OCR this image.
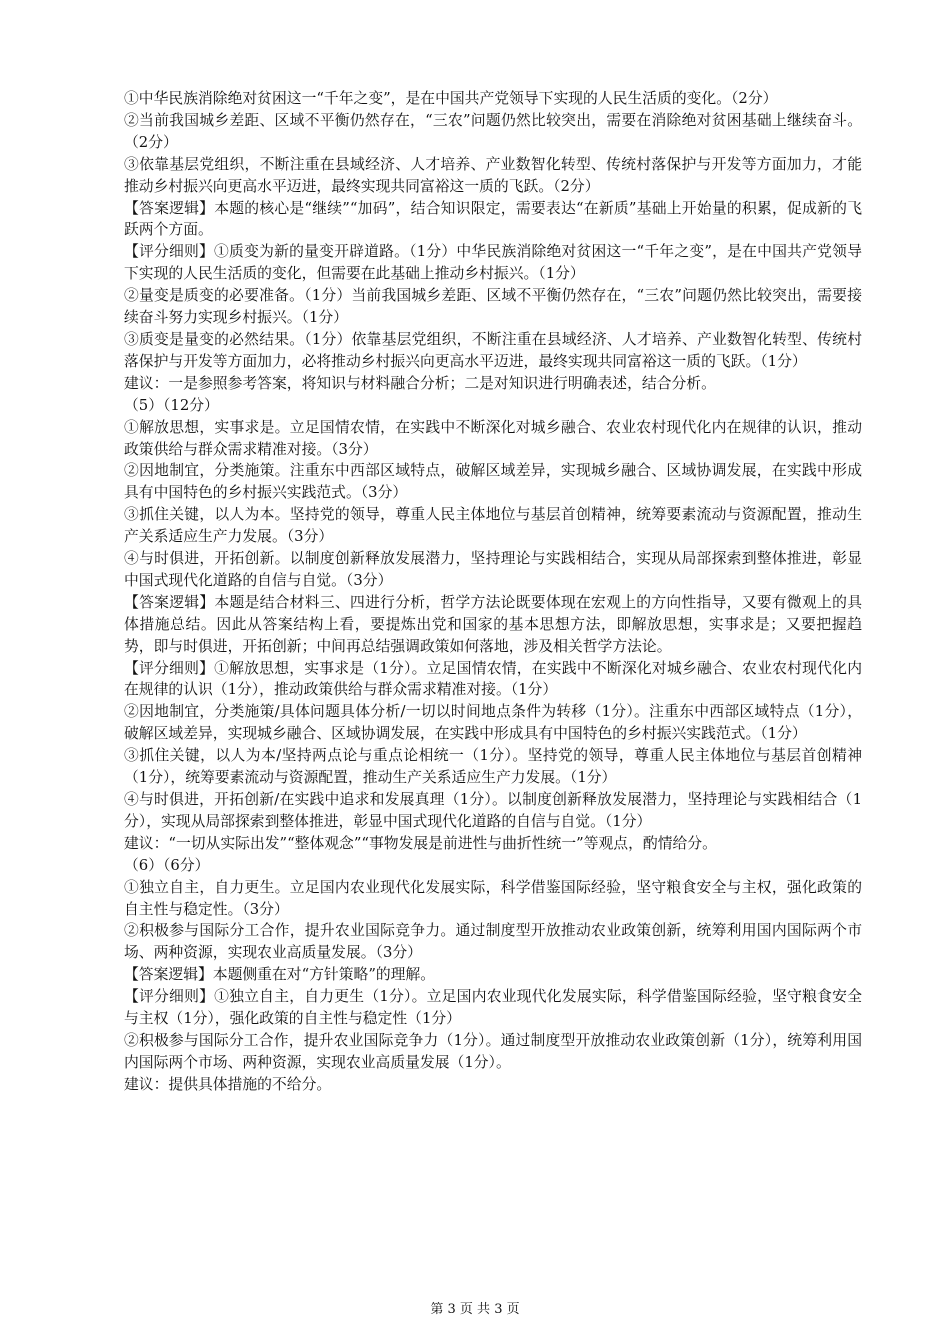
①中华民族消除绝对贫困这一“千年之变”，是在中国共产党领导下实现的人民生活质的变化。（2分）

②当前我国城乡差距、区域不平衡仍然存在，“三农”问题仍然比较突出，需要在消除绝对贫困基础上继续奋斗。（2分）

③依靠基层党组织，不断注重在县域经济、人才培养、产业数智化转型、传统村落保护与开发等方面加力，才能推动乡村振兴向更高水平迈进，最终实现共同富裕这一质的飞跃。（2分）

【答案逻辑】本题的核心是“继续”“加码”，结合知识限定，需要表达“在新质”基础上开始量的积累，促成新的飞跃两个方面。

【评分细则】①质变为新的量变开辟道路。（1分）中华民族消除绝对贫困这一“千年之变”，是在中国共产党领导下实现的人民生活质的变化，但需要在此基础上推动乡村振兴。（1分）

②量变是质变的必要准备。（1分）当前我国城乡差距、区域不平衡仍然存在，“三农”问题仍然比较突出，需要接续奋斗努力实现乡村振兴。（1分）

③质变是量变的必然结果。（1分）依靠基层党组织，不断注重在县域经济、人才培养、产业数智化转型、传统村落保护与开发等方面加力，必将推动乡村振兴向更高水平迈进，最终实现共同富裕这一质的飞跃。（1分）

建议：一是参照参考答案，将知识与材料融合分析；二是对知识进行明确表述，结合分析。

（5）（12分）

①解放思想，实事求是。立足国情农情，在实践中不断深化对城乡融合、农业农村现代化内在规律的认识，推动政策供给与群众需求精准对接。（3分）

②因地制宜，分类施策。注重东中西部区域特点，破解区域差异，实现城乡融合、区域协调发展，在实践中形成具有中国特色的乡村振兴实践范式。（3分）

③抓住关键，以人为本。坚持党的领导，尊重人民主体地位与基层首创精神，统筹要素流动与资源配置，推动生产关系适应生产力发展。（3分）

④与时俱进，开拓创新。以制度创新释放发展潜力，坚持理论与实践相结合，实现从局部探索到整体推进，彰显中国式现代化道路的自信与自觉。（3分）

【答案逻辑】本题是结合材料三、四进行分析，哲学方法论既要体现在宏观上的方向性指导，又要有微观上的具体措施总结。因此从答案结构上看，要提炼出党和国家的基本思想方法，即解放思想，实事求是；又要把握趋势，即与时俱进，开拓创新；中间再总结强调政策如何落地，涉及相关哲学方法论。

【评分细则】①解放思想，实事求是（1分）。立足国情农情，在实践中不断深化对城乡融合、农业农村现代化内在规律的认识（1分），推动政策供给与群众需求精准对接。（1分）

②因地制宜，分类施策/具体问题具体分析/一切以时间地点条件为转移（1分）。注重东中西部区域特点（1分），破解区域差异，实现城乡融合、区域协调发展，在实践中形成具有中国特色的乡村振兴实践范式。（1分）

③抓住关键，以人为本/坚持两点论与重点论相统一（1分）。坚持党的领导，尊重人民主体地位与基层首创精神（1分），统筹要素流动与资源配置，推动生产关系适应生产力发展。（1分）

④与时俱进，开拓创新/在实践中追求和发展真理（1分）。以制度创新释放发展潜力，坚持理论与实践相结合（1分），实现从局部探索到整体推进，彰显中国式现代化道路的自信与自觉。（1分）

建议：“一切从实际出发”“整体观念”“事物发展是前进性与曲折性统一”等观点，酌情给分。

（6）（6分）

①独立自主，自力更生。立足国内农业现代化发展实际，科学借鉴国际经验，坚守粮食安全与主权，强化政策的自主性与稳定性。（3分）

②积极参与国际分工合作，提升农业国际竞争力。通过制度型开放推动农业政策创新，统筹利用国内国际两个市场、两种资源，实现农业高质量发展。（3分）

【答案逻辑】本题侧重在对“方针策略”的理解。

【评分细则】①独立自主，自力更生（1分）。立足国内农业现代化发展实际，科学借鉴国际经验，坚守粮食安全与主权（1分），强化政策的自主性与稳定性（1分）

②积极参与国际分工合作，提升农业国际竞争力（1分）。通过制度型开放推动农业政策创新（1分），统筹利用国内国际两个市场、两种资源，实现农业高质量发展（1分）。

建议：提供具体措施的不给分。

第 3 页 共 3 页
